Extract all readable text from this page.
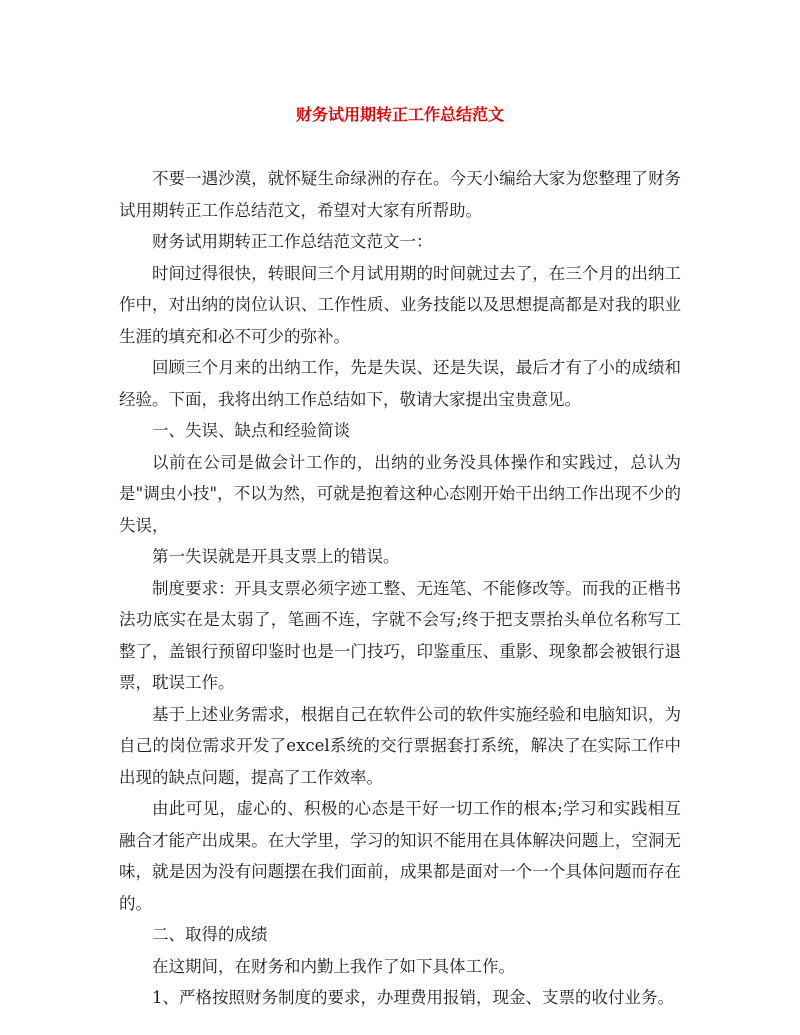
财务试用期转正工作总结范文

不要一遇沙漠，就怀疑生命绿洲的存在。今天小编给大家为您整理了财务试用期转正工作总结范文，希望对大家有所帮助。

财务试用期转正工作总结范文范文一：

时间过得很快，转眼间三个月试用期的时间就过去了，在三个月的出纳工作中，对出纳的岗位认识、工作性质、业务技能以及思想提高都是对我的职业生涯的填充和必不可少的弥补。

回顾三个月来的出纳工作，先是失误、还是失误，最后才有了小的成绩和经验。下面，我将出纳工作总结如下，敬请大家提出宝贵意见。

一、失误、缺点和经验简谈

以前在公司是做会计工作的，出纳的业务没具体操作和实践过，总认为是"调虫小技"，不以为然，可就是抱着这种心态刚开始干出纳工作出现不少的失误，

第一失误就是开具支票上的错误。

制度要求：开具支票必须字迹工整、无连笔、不能修改等。而我的正楷书法功底实在是太弱了，笔画不连，字就不会写;终于把支票抬头单位名称写工整了，盖银行预留印鉴时也是一门技巧，印鉴重压、重影、现象都会被银行退票，耽误工作。

基于上述业务需求，根据自己在软件公司的软件实施经验和电脑知识，为自己的岗位需求开发了excel系统的交行票据套打系统，解决了在实际工作中出现的缺点问题，提高了工作效率。

由此可见，虚心的、积极的心态是干好一切工作的根本;学习和实践相互融合才能产出成果。在大学里，学习的知识不能用在具体解决问题上，空洞无味，就是因为没有问题摆在我们面前，成果都是面对一个一个具体问题而存在的。

二、取得的成绩

在这期间，在财务和内勤上我作了如下具体工作。

1、严格按照财务制度的要求，办理费用报销，现金、支票的收付业务。
